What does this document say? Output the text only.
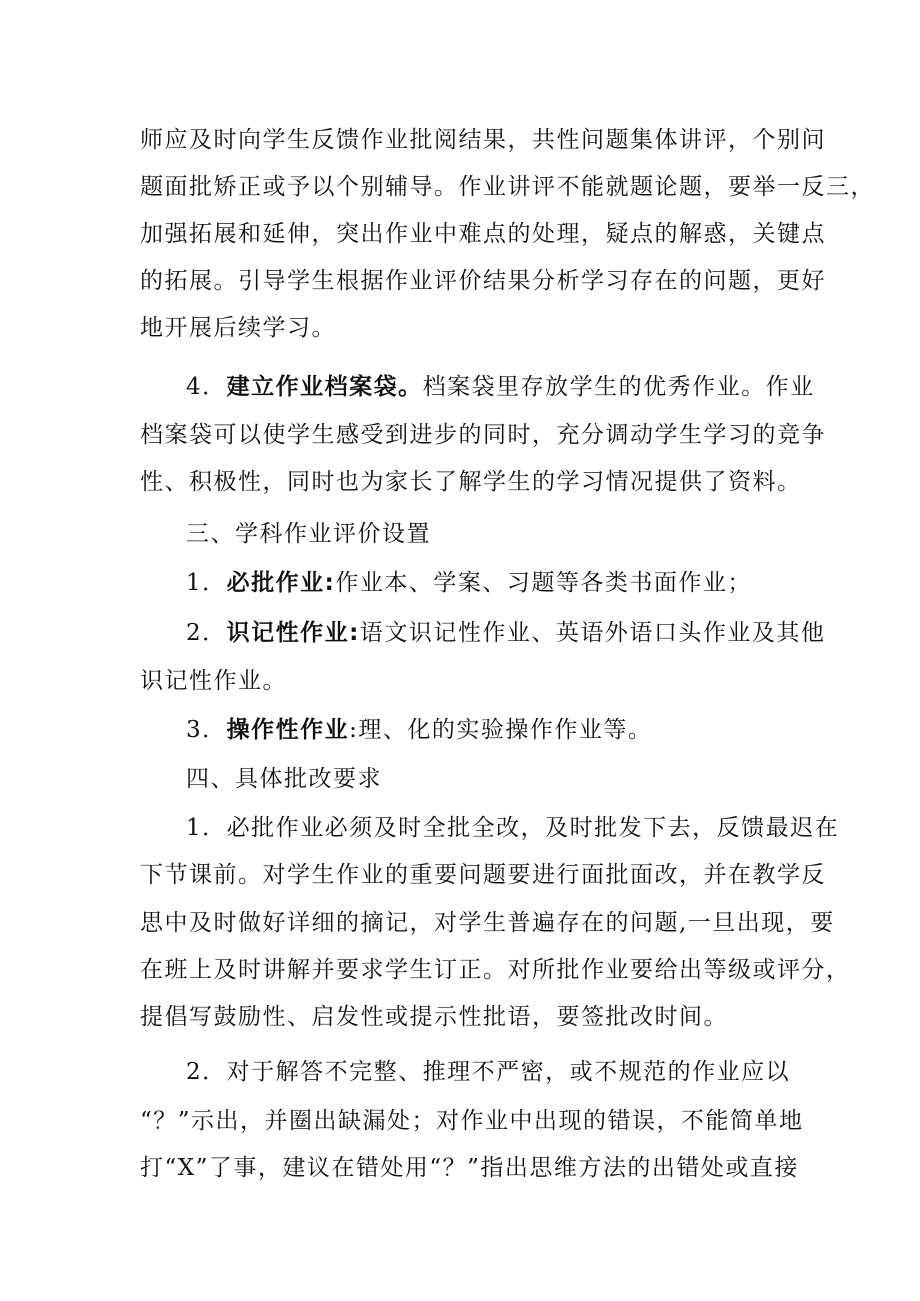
师应及时向学生反馈作业批阅结果，共性问题集体讲评，个别问
题面批矫正或予以个别辅导。作业讲评不能就题论题，要举一反三，
加强拓展和延伸，突出作业中难点的处理，疑点的解惑，关键点
的拓展。引导学生根据作业评价结果分析学习存在的问题，更好
地开展后续学习。
4．建立作业档案袋。档案袋里存放学生的优秀作业。作业
档案袋可以使学生感受到进步的同时，充分调动学生学习的竞争
性、积极性，同时也为家长了解学生的学习情况提供了资料。
三、学科作业评价设置
1．必批作业:作业本、学案、习题等各类书面作业；
2．识记性作业:语文识记性作业、英语外语口头作业及其他
识记性作业。
3．操作性作业:理、化的实验操作作业等。
四、具体批改要求
1．必批作业必须及时全批全改，及时批发下去，反馈最迟在
下节课前。对学生作业的重要问题要进行面批面改，并在教学反
思中及时做好详细的摘记，对学生普遍存在的问题,一旦出现，要
在班上及时讲解并要求学生订正。对所批作业要给出等级或评分，
提倡写鼓励性、启发性或提示性批语，要签批改时间。
2．对于解答不完整、推理不严密，或不规范的作业应以
“？”示出，并圈出缺漏处；对作业中出现的错误，不能简单地
打“X”了事，建议在错处用“？”指出思维方法的出错处或直接
